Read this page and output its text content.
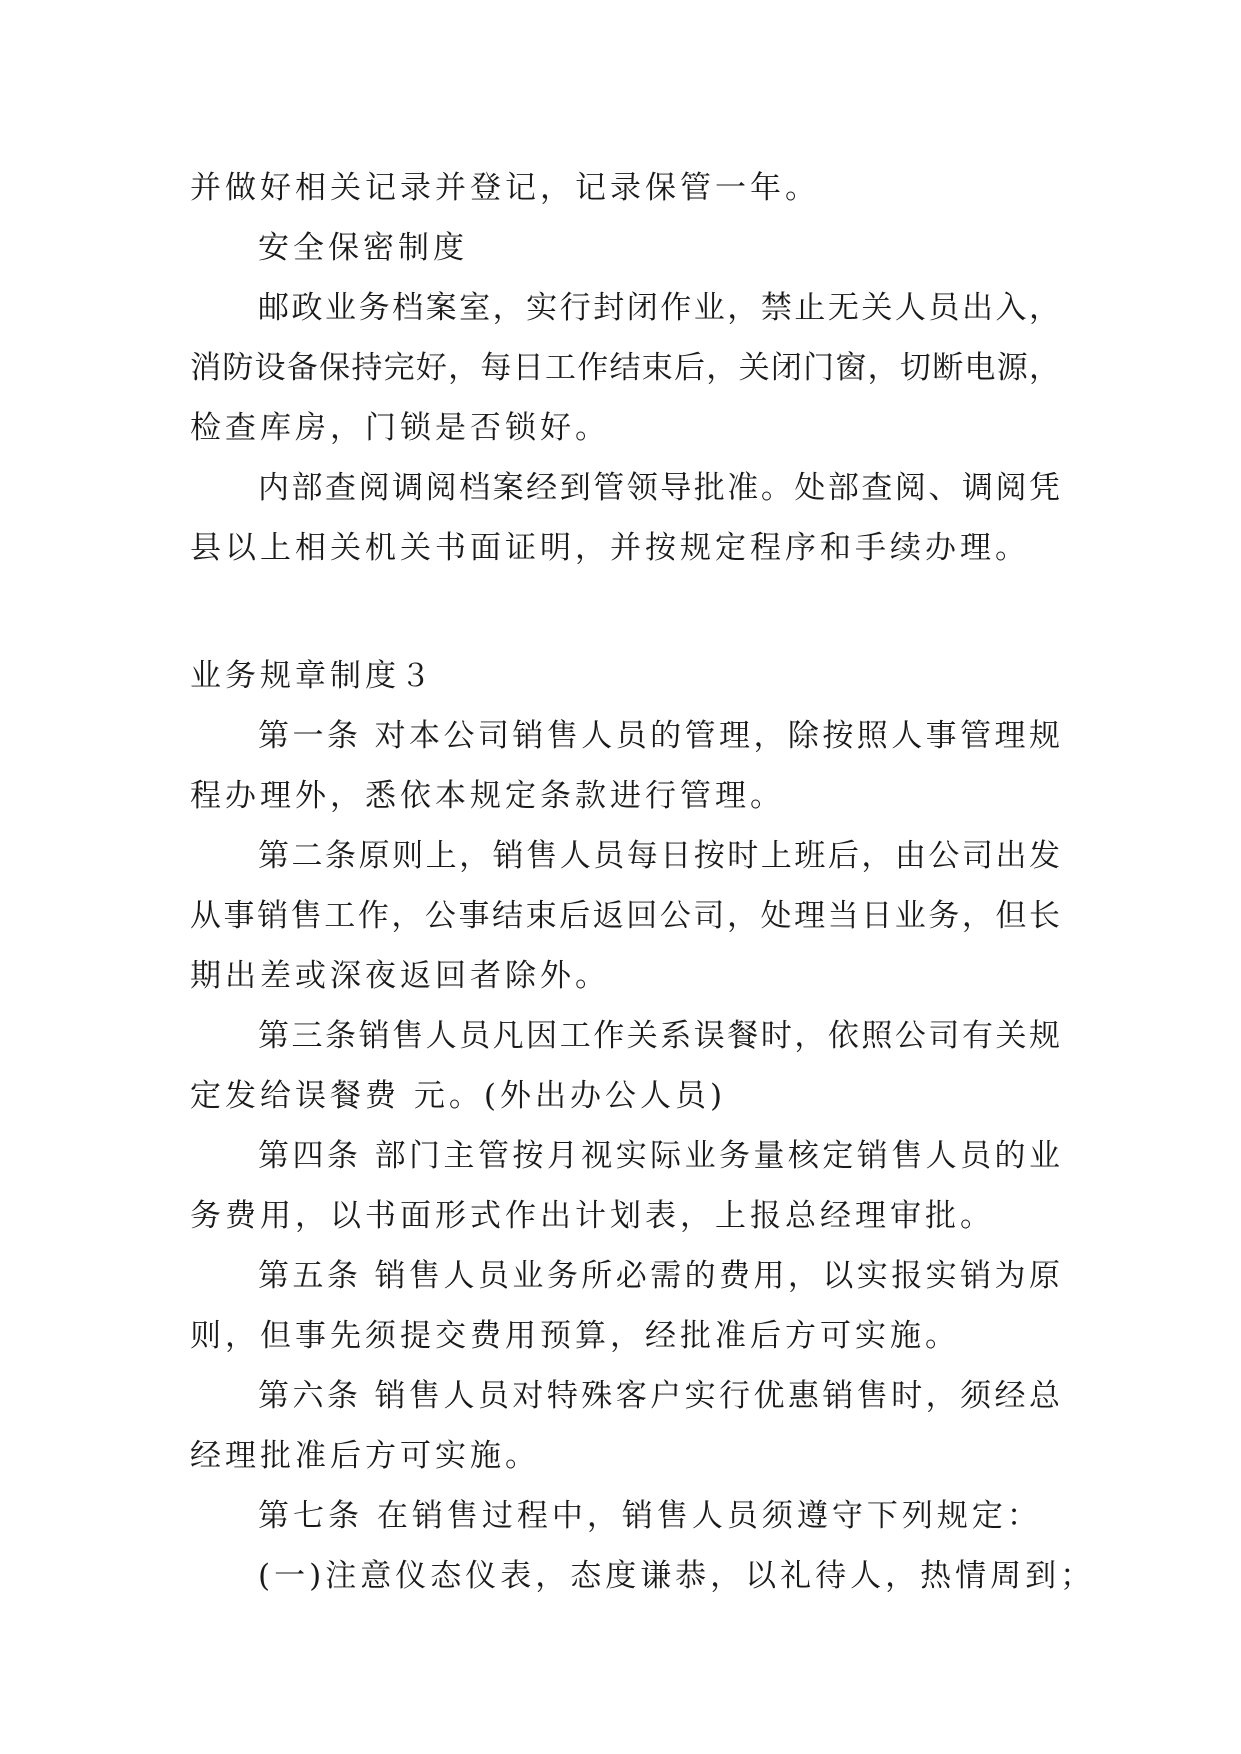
并做好相关记录并登记，记录保管一年。
安全保密制度
邮政业务档案室，实行封闭作业，禁止无关人员出入，
消防设备保持完好，每日工作结束后，关闭门窗，切断电源，
检查库房，门锁是否锁好。
内部查阅调阅档案经到管领导批准。处部查阅、调阅凭
县以上相关机关书面证明，并按规定程序和手续办理。
业务规章制度３
第一条 对本公司销售人员的管理，除按照人事管理规
程办理外，悉依本规定条款进行管理。
第二条原则上，销售人员每日按时上班后，由公司出发
从事销售工作，公事结束后返回公司，处理当日业务，但长
期出差或深夜返回者除外。
第三条销售人员凡因工作关系误餐时，依照公司有关规
定发给误餐费 元。(外出办公人员)
第四条 部门主管按月视实际业务量核定销售人员的业
务费用，以书面形式作出计划表，上报总经理审批。
第五条 销售人员业务所必需的费用，以实报实销为原
则，但事先须提交费用预算，经批准后方可实施。
第六条 销售人员对特殊客户实行优惠销售时，须经总
经理批准后方可实施。
第七条 在销售过程中，销售人员须遵守下列规定：
(一)注意仪态仪表，态度谦恭，以礼待人，热情周到；
